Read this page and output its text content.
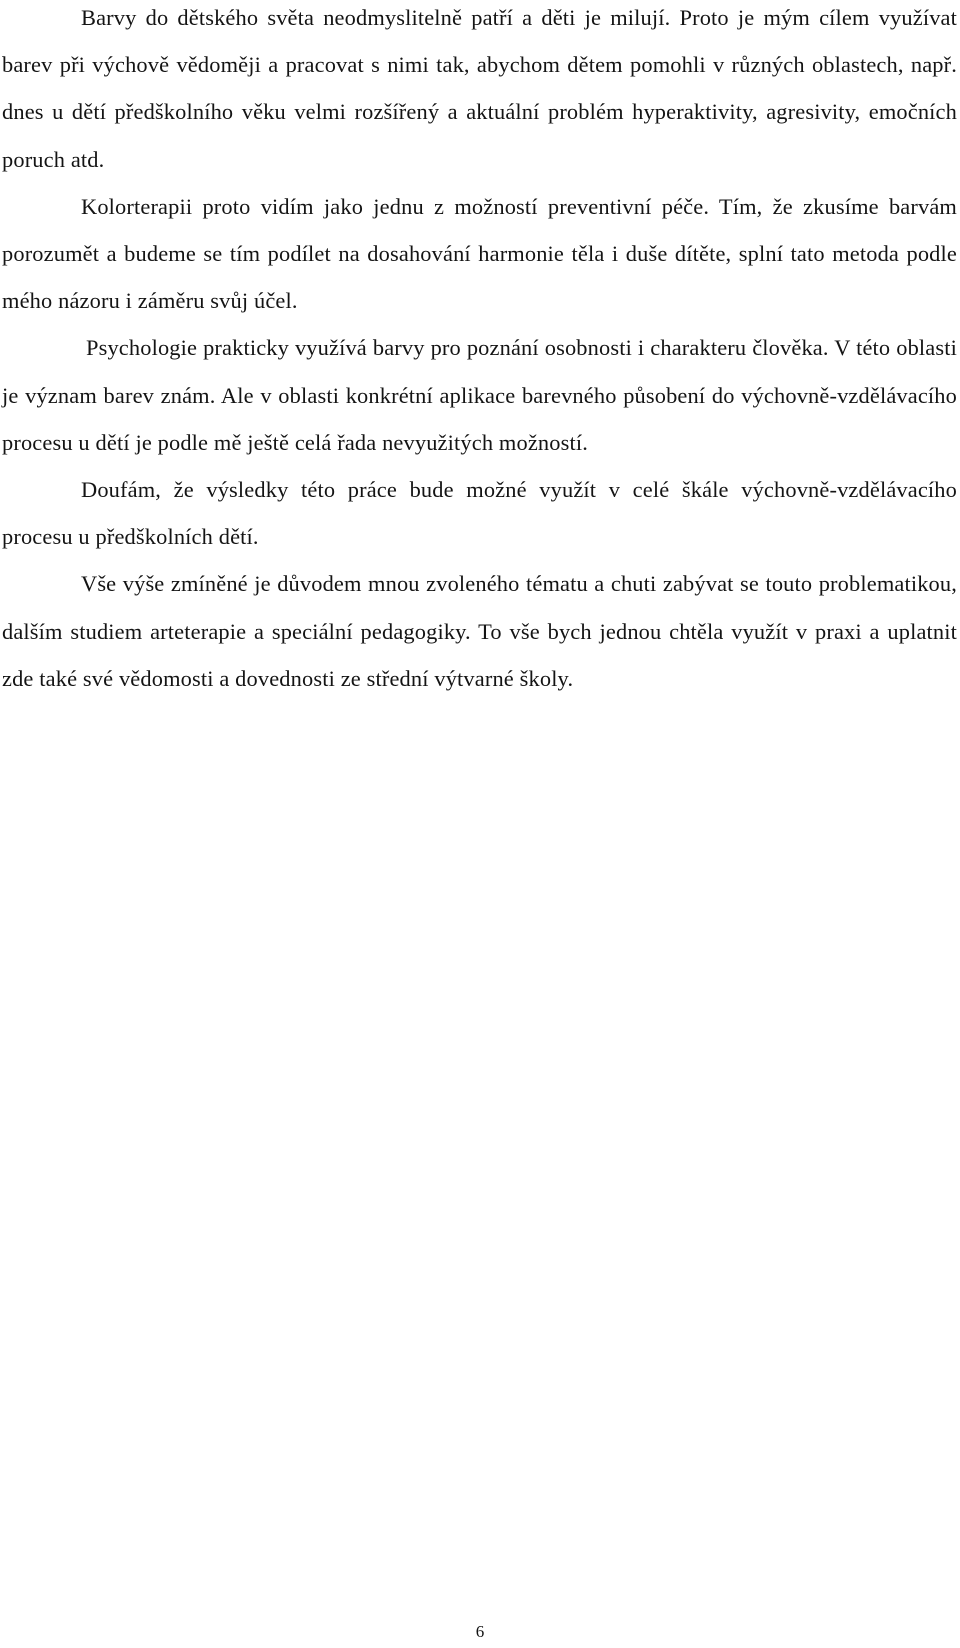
Barvy do dětského světa neodmyslitelně patří a děti je milují. Proto je mým cílem využívat barev při výchově vědoměji a pracovat s nimi tak, abychom dětem pomohli v různých oblastech, např. dnes u dětí předškolního věku velmi rozšířený a aktuální problém hyperaktivity, agresivity, emočních poruch atd.

Kolorterapii proto vidím jako jednu z možností preventivní péče. Tím, že zkusíme barvám porozumět a budeme se tím podílet na dosahování harmonie těla i duše dítěte, splní tato metoda podle mého názoru i záměru svůj účel.

Psychologie prakticky využívá barvy pro poznání osobnosti i charakteru člověka. V této oblasti je význam barev znám. Ale v oblasti konkrétní aplikace barevného působení do výchovně-vzdělávacího procesu u dětí je podle mě ještě celá řada nevyužitých možností.

Doufám, že výsledky této práce bude možné využít v celé škále výchovně-vzdělávacího procesu u předškolních dětí.

Vše výše zmíněné je důvodem mnou zvoleného tématu a chuti zabývat se touto problematikou, dalším studiem arteterapie a speciální pedagogiky. To vše bych jednou chtěla využít v praxi a uplatnit zde také své vědomosti a dovednosti ze střední výtvarné školy.

6
